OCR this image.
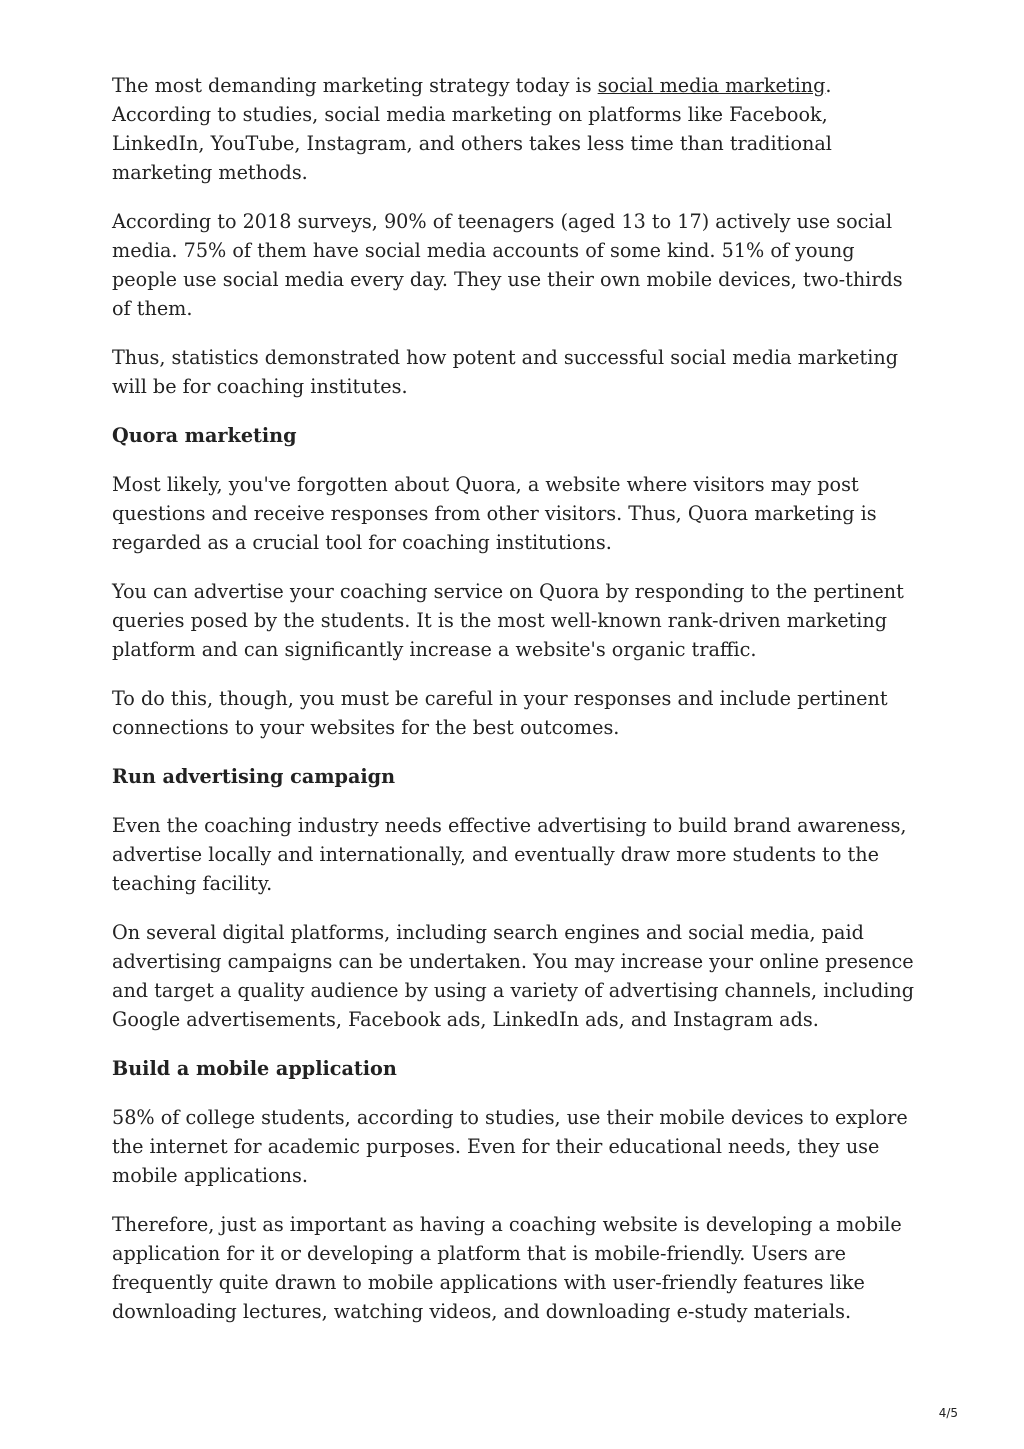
The most demanding marketing strategy today is social media marketing. According to studies, social media marketing on platforms like Facebook, LinkedIn, YouTube, Instagram, and others takes less time than traditional marketing methods.

According to 2018 surveys, 90% of teenagers (aged 13 to 17) actively use social media. 75% of them have social media accounts of some kind. 51% of young people use social media every day. They use their own mobile devices, two-thirds of them.

Thus, statistics demonstrated how potent and successful social media marketing will be for coaching institutes.

Quora marketing

Most likely, you've forgotten about Quora, a website where visitors may post questions and receive responses from other visitors. Thus, Quora marketing is regarded as a crucial tool for coaching institutions.

You can advertise your coaching service on Quora by responding to the pertinent queries posed by the students. It is the most well-known rank-driven marketing platform and can significantly increase a website's organic traffic.

To do this, though, you must be careful in your responses and include pertinent connections to your websites for the best outcomes.

Run advertising campaign

Even the coaching industry needs effective advertising to build brand awareness, advertise locally and internationally, and eventually draw more students to the teaching facility.

On several digital platforms, including search engines and social media, paid advertising campaigns can be undertaken. You may increase your online presence and target a quality audience by using a variety of advertising channels, including Google advertisements, Facebook ads, LinkedIn ads, and Instagram ads.

Build a mobile application

58% of college students, according to studies, use their mobile devices to explore the internet for academic purposes. Even for their educational needs, they use mobile applications.

Therefore, just as important as having a coaching website is developing a mobile application for it or developing a platform that is mobile-friendly. Users are frequently quite drawn to mobile applications with user-friendly features like downloading lectures, watching videos, and downloading e-study materials.

4/5
